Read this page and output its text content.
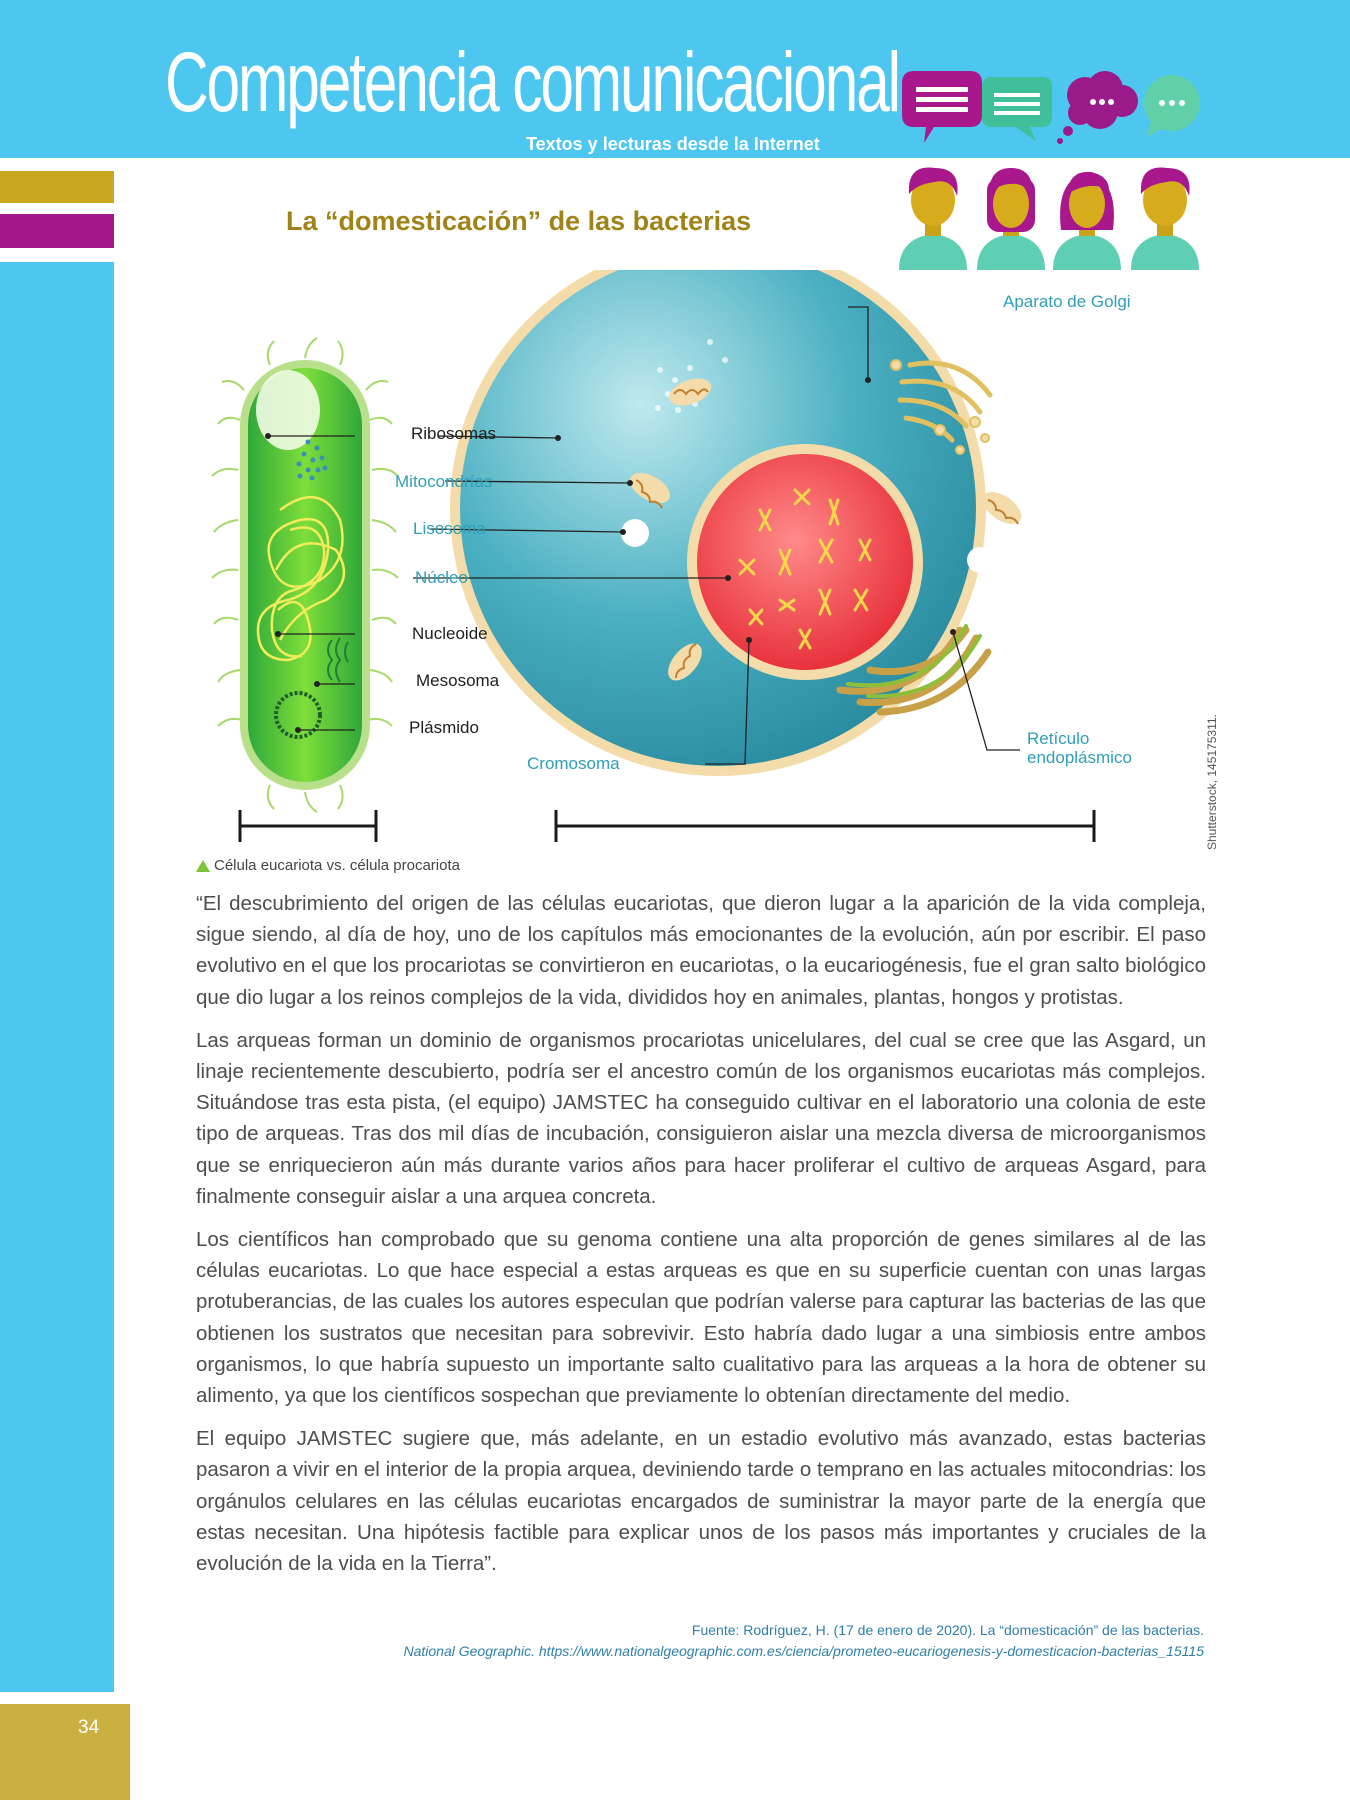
Competencia comunicacional
Textos y lecturas desde la Internet
34
La “domesticación” de las bacterias
Ribosomas
Mitocondrías
Lisosoma
Núcleo
Nucleoide
Mesosoma
Plásmido
Aparato de Golgi
Retículo
endoplásmico
Cromosoma	Shutterstock, 145175311.
Célula eucariota vs. célula procariota

“El descubrimiento del origen de las células eucariotas, que dieron lugar a la aparición de la vida compleja, sigue siendo, al día de hoy, uno de los capítulos más emocionantes de la evolución, aún por escribir. El paso evolutivo en el que los procariotas se convirtieron en eucariotas, o la eucariogénesis, fue el gran salto biológico que dio lugar a los reinos complejos de la vida, divididos hoy en animales, plantas, hongos y protistas.

Las arqueas forman un dominio de organismos procariotas unicelulares, del cual se cree que las Asgard, un linaje recientemente descubierto, podría ser el ancestro común de los organismos eucariotas más complejos. Situándose tras esta pista, (el equipo) JAMSTEC ha conseguido cultivar en el laboratorio una colonia de este tipo de arqueas. Tras dos mil días de incubación, consiguieron aislar una mezcla diversa de microorganismos que se enriquecieron aún más durante varios años para hacer proliferar el cultivo de arqueas Asgard, para finalmente conseguir aislar a una arquea concreta.

Los científicos han comprobado que su genoma contiene una alta proporción de genes similares al de las células eucariotas. Lo que hace especial a estas arqueas es que en su superficie cuentan con unas largas protuberancias, de las cuales los autores especulan que podrían valerse para capturar las bacterias de las que obtienen los sustratos que necesitan para sobrevivir. Esto habría dado lugar a una simbiosis entre ambos organismos, lo que habría supuesto un importante salto cualitativo para las arqueas a la hora de obtener su alimento, ya que los científicos sospechan que previamente lo obtenían directamente del medio.

El equipo JAMSTEC sugiere que, más adelante, en un estadio evolutivo más avanzado, estas bacterias pasaron a vivir en el interior de la propia arquea, deviniendo tarde o temprano en las actuales mitocondrias: los orgánulos celulares en las células eucariotas encargados de suministrar la mayor parte de la energía que estas necesitan. Una hipótesis factible para explicar unos de los pasos más importantes y cruciales de la evolución de la vida en la Tierra”.

Fuente: Rodríguez, H. (17 de enero de 2020). La “domesticación” de las bacterias.
National Geographic. https://www.nationalgeographic.com.es/ciencia/prometeo-eucariogenesis-y-domesticacion-bacterias_15115
